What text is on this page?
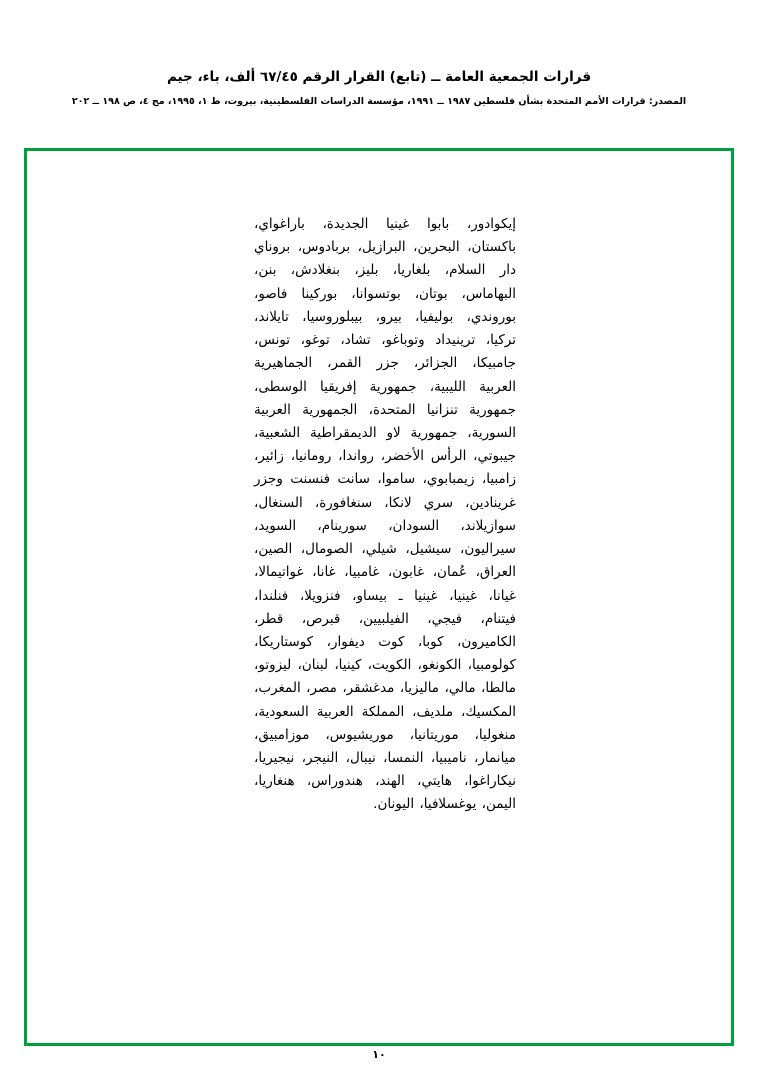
قرارات الجمعية العامة ــ (تابع) القرار الرقم ٦٧/٤٥ ألف، باء، جيم
المصدر: قرارات الأمم المتحدة بشأن فلسطين ١٩٨٧ ــ ١٩٩١، مؤسسة الدراسات الفلسطينية، بيروت، ط ١، ١٩٩٥، مج ٤، ص ١٩٨ ــ ٢٠٢
إيكوادور، بابوا غينيا الجديدة، باراغواي، باكستان، البحرين، البرازيل، بربادوس، بروناي دار السلام، بلغاريا، بليز، بنغلادش، بنن، البهاماس، بوتان، بوتسوانا، بوركينا فاصو، بوروندي، بوليفيا، بيرو، بيبلوروسيا، تايلاند، تركيا، ترينيداد وتوباغو، تشاد، توغو، تونس، جامبيكا، الجزائر، جزر القمر، الجماهيرية العربية الليبية، جمهورية إفريقيا الوسطى، جمهورية تنزانيا المتحدة، الجمهورية العربية السورية، جمهورية لاو الديمقراطية الشعبية، جيبوتي، الرأس الأخضر، رواندا، رومانيا، زائير، زامبيا، زيمبابوي، ساموا، سانت فنسنت وجزر غرينادين، سري لانكا، سنغافورة، السنغال، سوازيلاند، السودان، سورينام، السويد، سيراليون، سيشيل، شيلي، الصومال، الصين، العراق، عُمان، غابون، غامبيا، غانا، غواتيمالا، غيانا، غينيا، غينيا ـ بيساو، فنزويلا، فنلندا، فيتنام، فيجي، الفيلبيين، قبرص، قطر، الكاميرون، كوبا، كوت ديفوار، كوستاريكا، كولومبيا، الكونغو، الكويت، كينيا، لبنان، ليزوتو، مالطا، مالي، ماليزيا، مدغشقر، مصر، المغرب، المكسيك، ملديف، المملكة العربية السعودية، منغوليا، موريتانيا، موريشيوس، موزامبيق، ميانمار، ناميبيا، النمسا، نيبال، النيجر، نيجيريا، نيكاراغوا، هايتي، الهند، هندوراس، هنغاريا، اليمن، يوغسلافيا، اليونان.
١٠
